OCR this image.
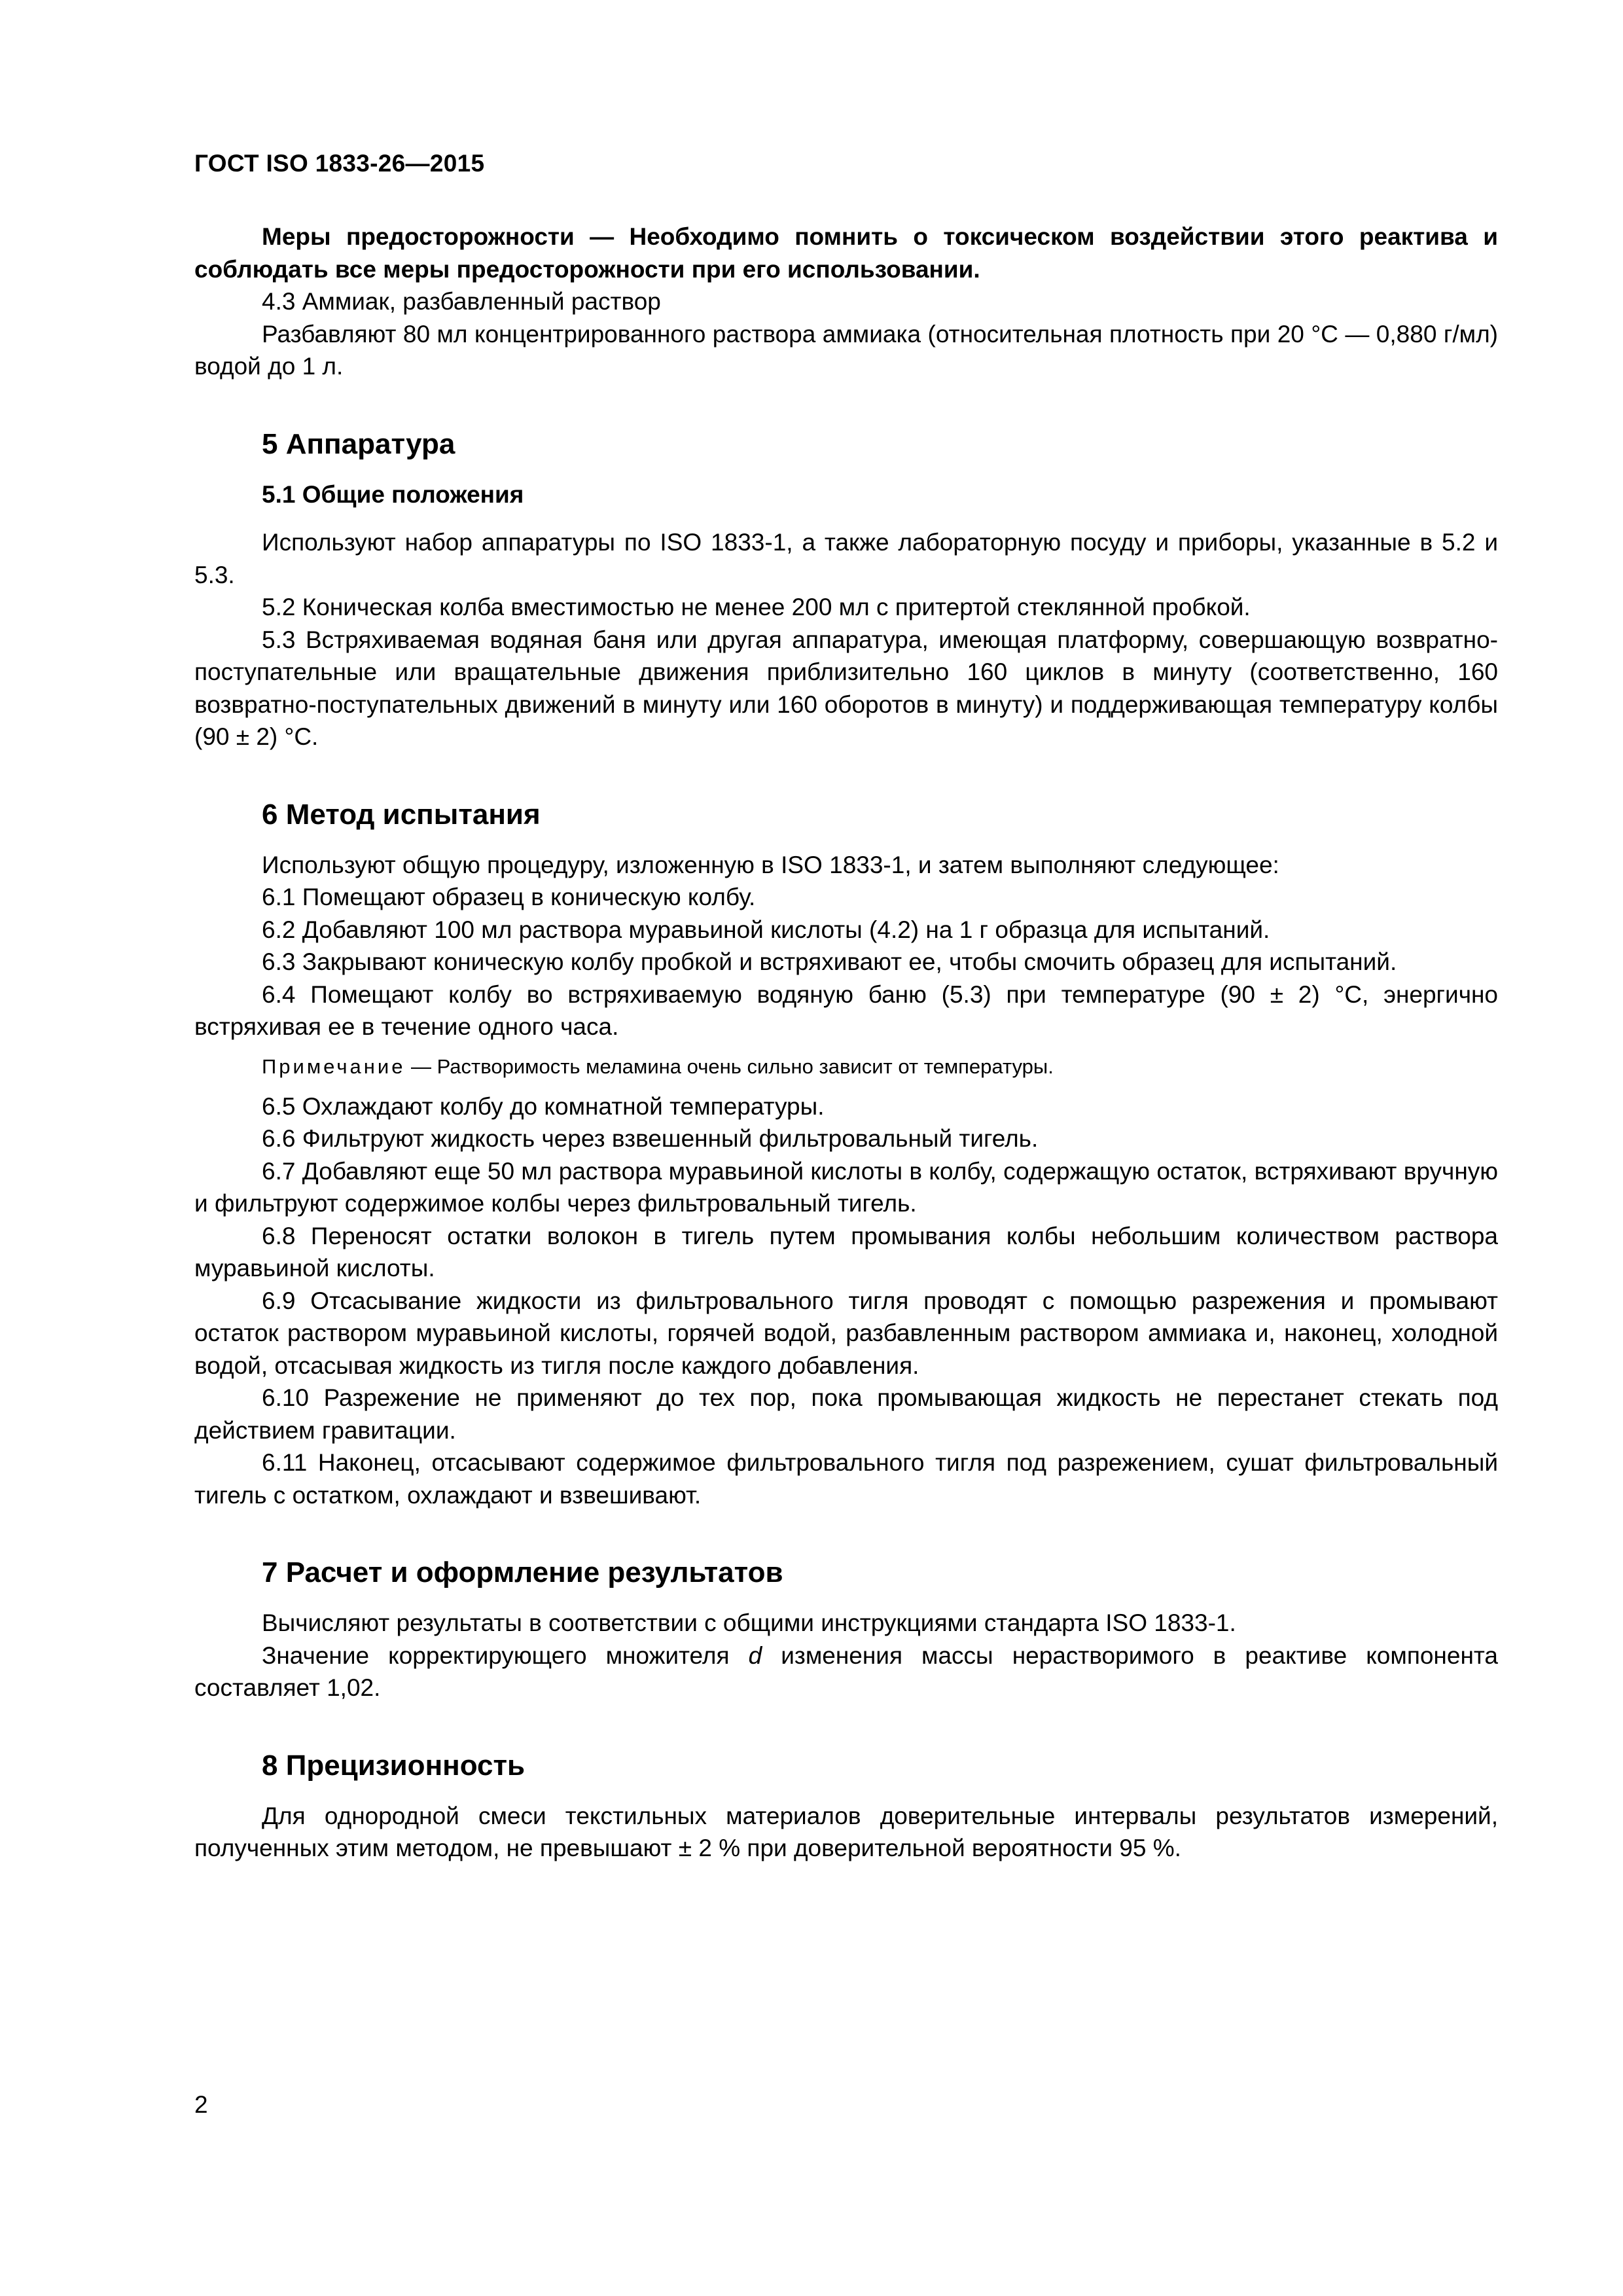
ГОСТ ISO 1833-26—2015

Меры предосторожности — Необходимо помнить о токсическом воздействии этого реактива и соблюдать все меры предосторожности при его использовании.

4.3 Аммиак, разбавленный раствор

Разбавляют 80 мл концентрированного раствора аммиака (относительная плотность при 20 °С — 0,880 г/мл) водой до 1 л.

5 Аппаратура
5.1 Общие положения

Используют набор аппаратуры по ISO 1833-1, а также лабораторную посуду и приборы, указанные в 5.2 и 5.3.

5.2 Коническая колба вместимостью не менее 200 мл с притертой стеклянной пробкой.

5.3 Встряхиваемая водяная баня или другая аппаратура, имеющая платформу, совершающую возвратно-поступательные или вращательные движения приблизительно 160 циклов в минуту (соответственно, 160 возвратно-поступательных движений в минуту или 160 оборотов в минуту) и поддерживающая температуру колбы (90 ± 2) °С.

6 Метод испытания

Используют общую процедуру, изложенную в ISO 1833-1, и затем выполняют следующее:

6.1 Помещают образец в коническую колбу.

6.2 Добавляют 100 мл раствора муравьиной кислоты (4.2) на 1 г образца для испытаний.

6.3 Закрывают коническую колбу пробкой и встряхивают ее, чтобы смочить образец для испытаний.

6.4 Помещают колбу во встряхиваемую водяную баню (5.3) при температуре (90 ± 2) °С, энергично встряхивая ее в течение одного часа.

Примечание — Растворимость меламина очень сильно зависит от температуры.

6.5 Охлаждают колбу до комнатной температуры.

6.6 Фильтруют жидкость через взвешенный фильтровальный тигель.

6.7 Добавляют еще 50 мл раствора муравьиной кислоты в колбу, содержащую остаток, встряхивают вручную и фильтруют содержимое колбы через фильтровальный тигель.

6.8 Переносят остатки волокон в тигель путем промывания колбы небольшим количеством раствора муравьиной кислоты.

6.9 Отсасывание жидкости из фильтровального тигля проводят с помощью разрежения и промывают остаток раствором муравьиной кислоты, горячей водой, разбавленным раствором аммиака и, наконец, холодной водой, отсасывая жидкость из тигля после каждого добавления.

6.10 Разрежение не применяют до тех пор, пока промывающая жидкость не перестанет стекать под действием гравитации.

6.11 Наконец, отсасывают содержимое фильтровального тигля под разрежением, сушат фильтровальный тигель с остатком, охлаждают и взвешивают.

7 Расчет и оформление результатов

Вычисляют результаты в соответствии с общими инструкциями стандарта ISO 1833-1.

Значение корректирующего множителя d изменения массы нерастворимого в реактиве компонента составляет 1,02.

8 Прецизионность

Для однородной смеси текстильных материалов доверительные интервалы результатов измерений, полученных этим методом, не превышают ± 2 % при доверительной вероятности 95 %.

2
